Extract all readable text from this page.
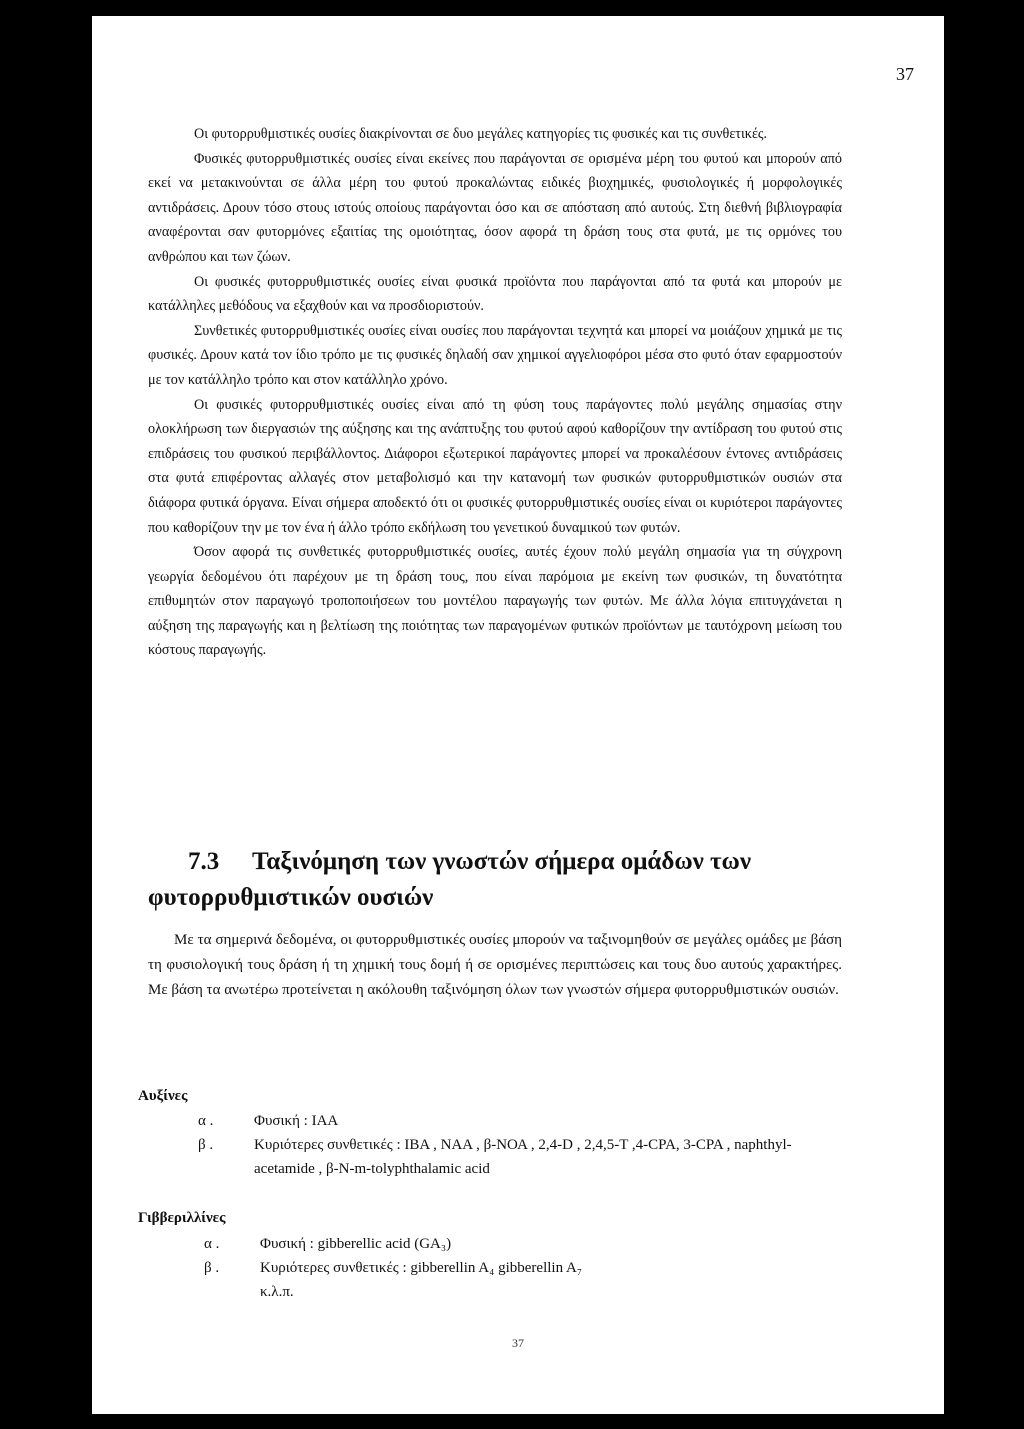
37

Οι φυτορρυθμιστικές ουσίες διακρίνονται σε δυο μεγάλες κατηγορίες τις φυσικές και τις συνθετικές.

Φυσικές φυτορρυθμιστικές ουσίες είναι εκείνες που παράγονται σε ορισμένα μέρη του φυτού και μπορούν από εκεί να μετακινούνται σε άλλα μέρη του φυτού προκαλώντας ειδικές βιοχημικές, φυσιολογικές ή μορφολογικές αντιδράσεις. Δρουν τόσο στους ιστούς οποίους παράγονται όσο και σε απόσταση από αυτούς. Στη διεθνή βιβλιογραφία αναφέρονται σαν φυτορμόνες εξαιτίας της ομοιότητας, όσον αφορά τη δράση τους στα φυτά, με τις ορμόνες του ανθρώπου και των ζώων.

Οι φυσικές φυτορρυθμιστικές ουσίες είναι φυσικά προϊόντα που παράγονται από τα φυτά και μπορούν με κατάλληλες μεθόδους να εξαχθούν και να προσδιοριστούν.

Συνθετικές φυτορρυθμιστικές ουσίες είναι ουσίες που παράγονται τεχνητά και μπορεί να μοιάζουν χημικά με τις φυσικές. Δρουν κατά τον ίδιο τρόπο με τις φυσικές δηλαδή σαν χημικοί αγγελιοφόροι μέσα στο φυτό όταν εφαρμοστούν με τον κατάλληλο τρόπο και στον κατάλληλο χρόνο.

Οι φυσικές φυτορρυθμιστικές ουσίες είναι από τη φύση τους παράγοντες πολύ μεγάλης σημασίας στην ολοκλήρωση των διεργασιών της αύξησης και της ανάπτυξης του φυτού αφού καθορίζουν την αντίδραση του φυτού στις επιδράσεις του φυσικού περιβάλλοντος. Διάφοροι εξωτερικοί παράγοντες μπορεί να προκαλέσουν έντονες αντιδράσεις στα φυτά επιφέροντας αλλαγές στον μεταβολισμό και την κατανομή των φυσικών φυτορρυθμιστικών ουσιών στα διάφορα φυτικά όργανα. Είναι σήμερα αποδεκτό ότι οι φυσικές φυτορρυθμιστικές ουσίες είναι οι κυριότεροι παράγοντες που καθορίζουν την με τον ένα ή άλλο τρόπο εκδήλωση του γενετικού δυναμικού των φυτών.

Όσον αφορά τις συνθετικές φυτορρυθμιστικές ουσίες, αυτές έχουν πολύ μεγάλη σημασία για τη σύγχρονη γεωργία δεδομένου ότι παρέχουν με τη δράση τους, που είναι παρόμοια με εκείνη των φυσικών, τη δυνατότητα επιθυμητών στον παραγωγό τροποποιήσεων του μοντέλου παραγωγής των φυτών. Με άλλα λόγια επιτυγχάνεται η αύξηση της παραγωγής και η βελτίωση της ποιότητας των παραγομένων φυτικών προϊόντων με ταυτόχρονη μείωση του κόστους παραγωγής.

7.3 Ταξινόμηση των γνωστών σήμερα ομάδων των φυτορρυθμιστικών ουσιών

Με τα σημερινά δεδομένα, οι φυτορρυθμιστικές ουσίες μπορούν να ταξινομηθούν σε μεγάλες ομάδες με βάση τη φυσιολογική τους δράση ή τη χημική τους δομή ή σε ορισμένες περιπτώσεις και τους δυο αυτούς χαρακτήρες. Με βάση τα ανωτέρω προτείνεται η ακόλουθη ταξινόμηση όλων των γνωστών σήμερα φυτορρυθμιστικών ουσιών.

Αυξίνες
α .	Φυσική : ΙΑΑ
β .	Κυριότερες συνθετικές : ΙΒΑ , ΝΑΑ , β-ΝΟΑ , 2,4-D , 2,4,5-Τ ,4-CPA, 3-CPA , naphthyl-acetamide , β-N-m-tolyphthalamic acid
Γιββεριλλίνες
α .	Φυσική : gibberellic acid (GA₃)
β .	Κυριότερες συνθετικές : gibberellin A₄ gibberellin A₇ κ.λ.π.

37
